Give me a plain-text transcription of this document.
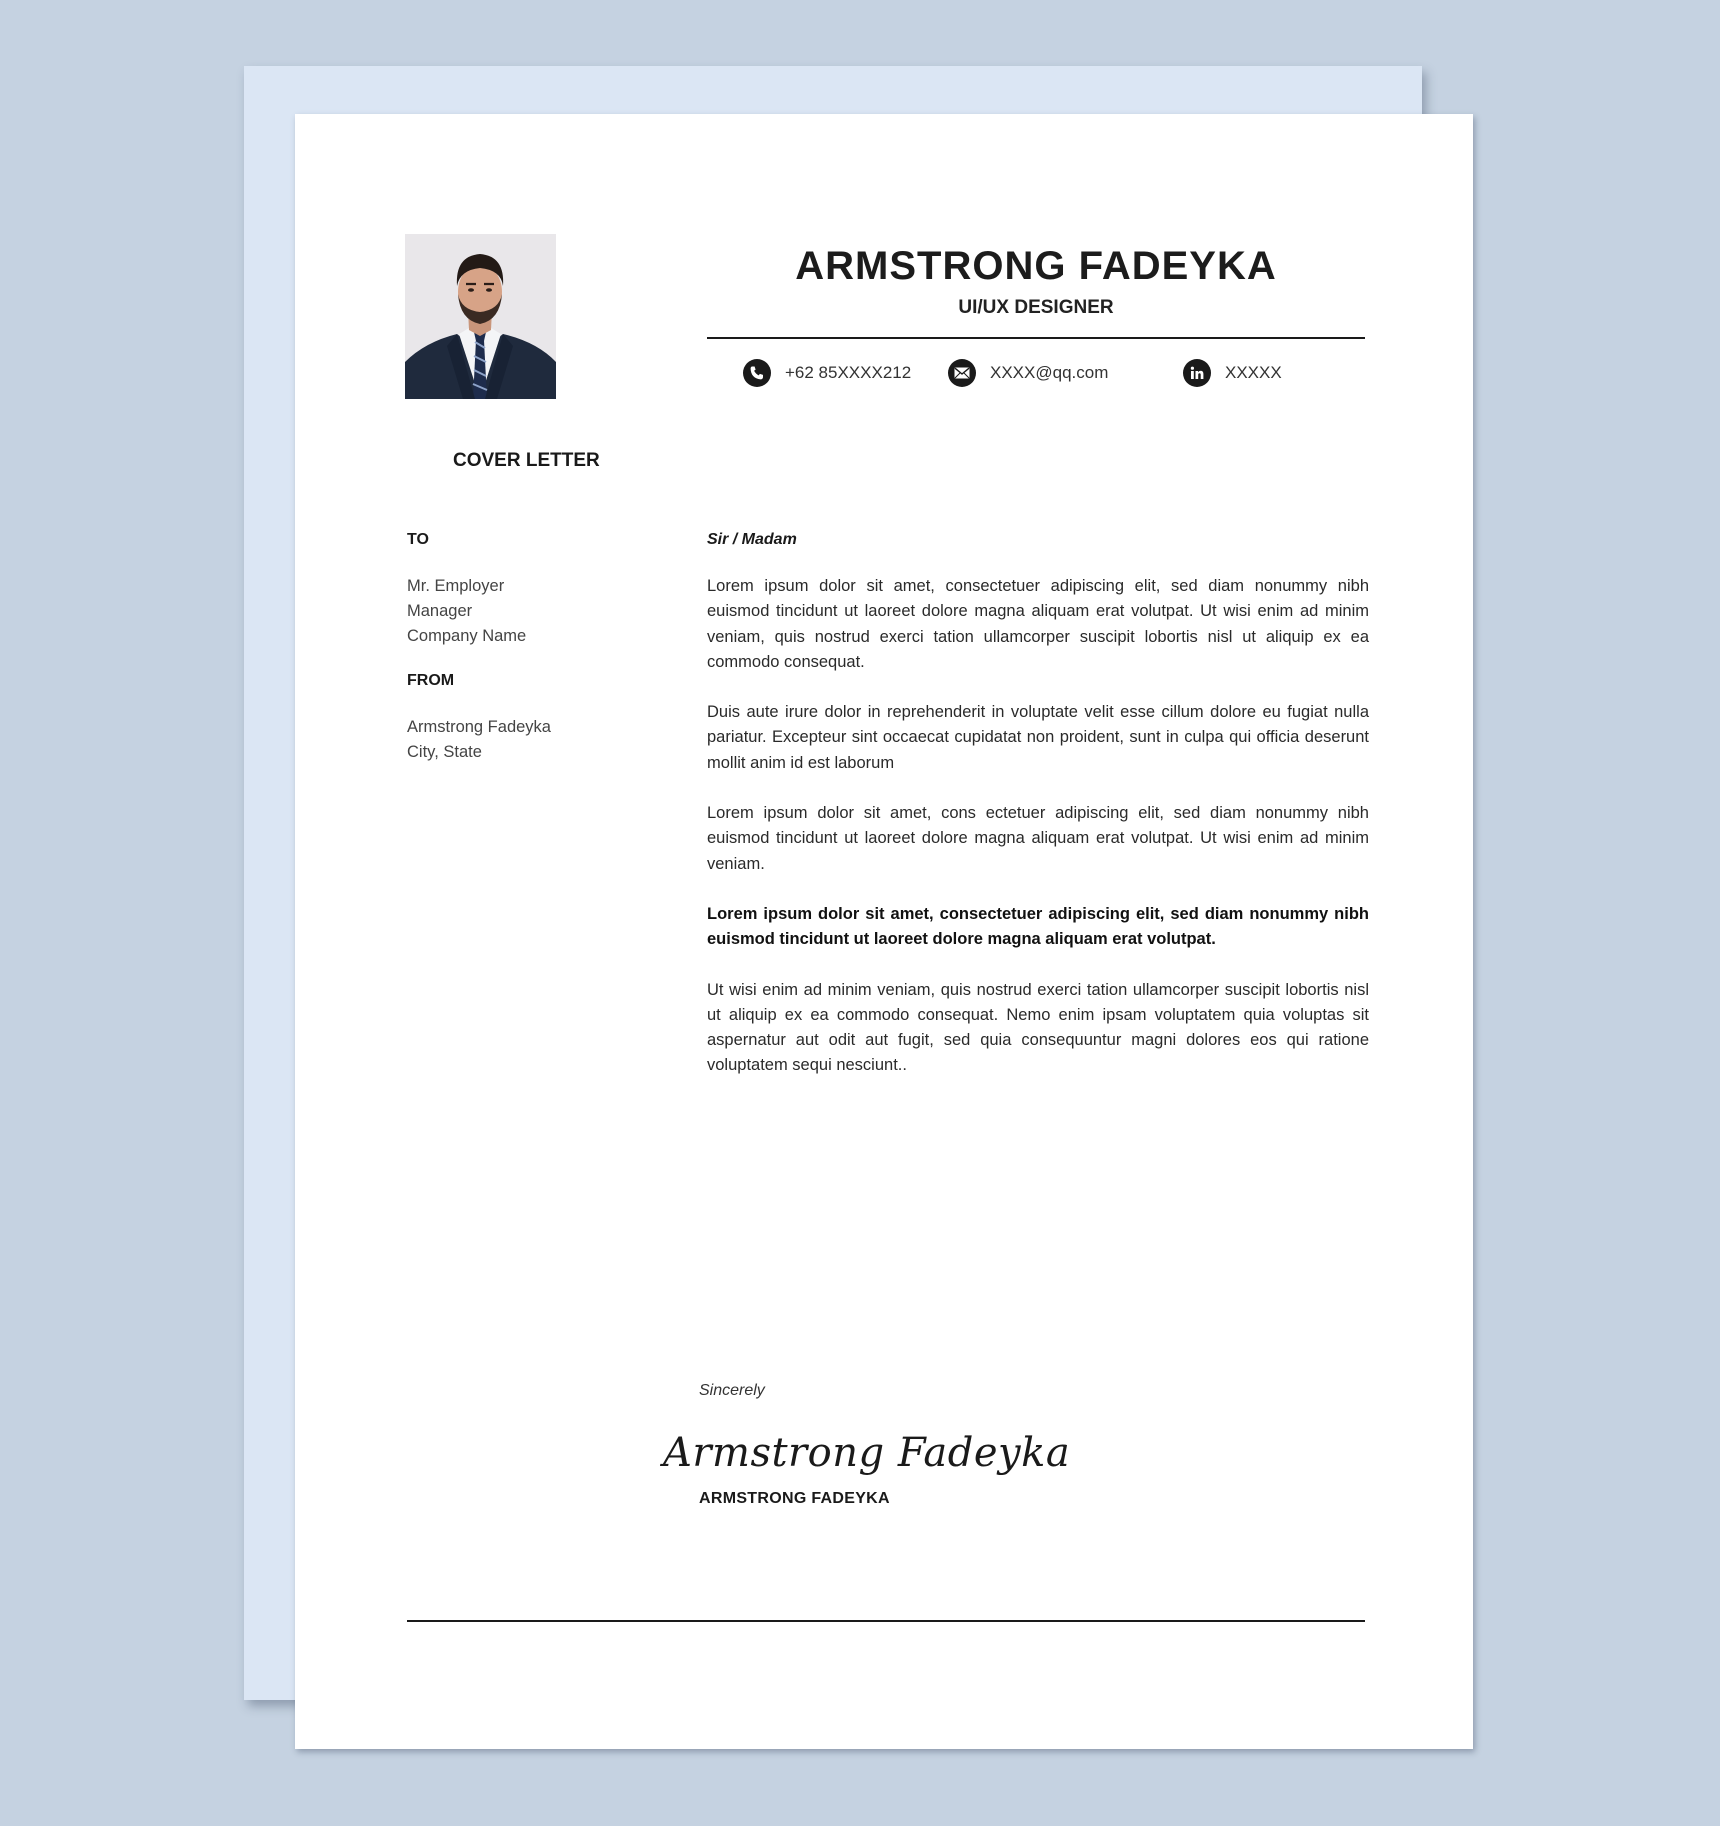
ARMSTRONG FADEYKA
UI/UX DESIGNER
+62 85XXXX212	XXXX@qq.com	XXXXX
COVER LETTER
TO
Mr. Employer
Manager
Company Name
FROM
Armstrong Fadeyka
City, State
Sir / Madam

Lorem ipsum dolor sit amet, consectetuer adipiscing elit, sed diam nonummy nibh euismod tincidunt ut laoreet dolore magna aliquam erat volutpat. Ut wisi enim ad minim veniam, quis nostrud exerci tation ullamcorper suscipit lobortis nisl ut aliquip ex ea commodo consequat.

Duis aute irure dolor in reprehenderit in voluptate velit esse cillum dolore eu fugiat nulla pariatur. Excepteur sint occaecat cupidatat non proident, sunt in culpa qui officia deserunt mollit anim id est laborum

Lorem ipsum dolor sit amet, cons ectetuer adipiscing elit, sed diam nonummy nibh euismod tincidunt ut laoreet dolore magna aliquam erat volutpat. Ut wisi enim ad minim veniam.

Lorem ipsum dolor sit amet, consectetuer adipiscing elit, sed diam nonummy nibh euismod tincidunt ut laoreet dolore magna aliquam erat volutpat.

Ut wisi enim ad minim veniam, quis nostrud exerci tation ullamcorper suscipit lobortis nisl ut aliquip ex ea commodo consequat. Nemo enim ipsam voluptatem quia voluptas sit aspernatur aut odit aut fugit, sed quia consequuntur magni dolores eos qui ratione voluptatem sequi nesciunt..

Sincerely
Armstrong Fadeyka
ARMSTRONG FADEYKA
